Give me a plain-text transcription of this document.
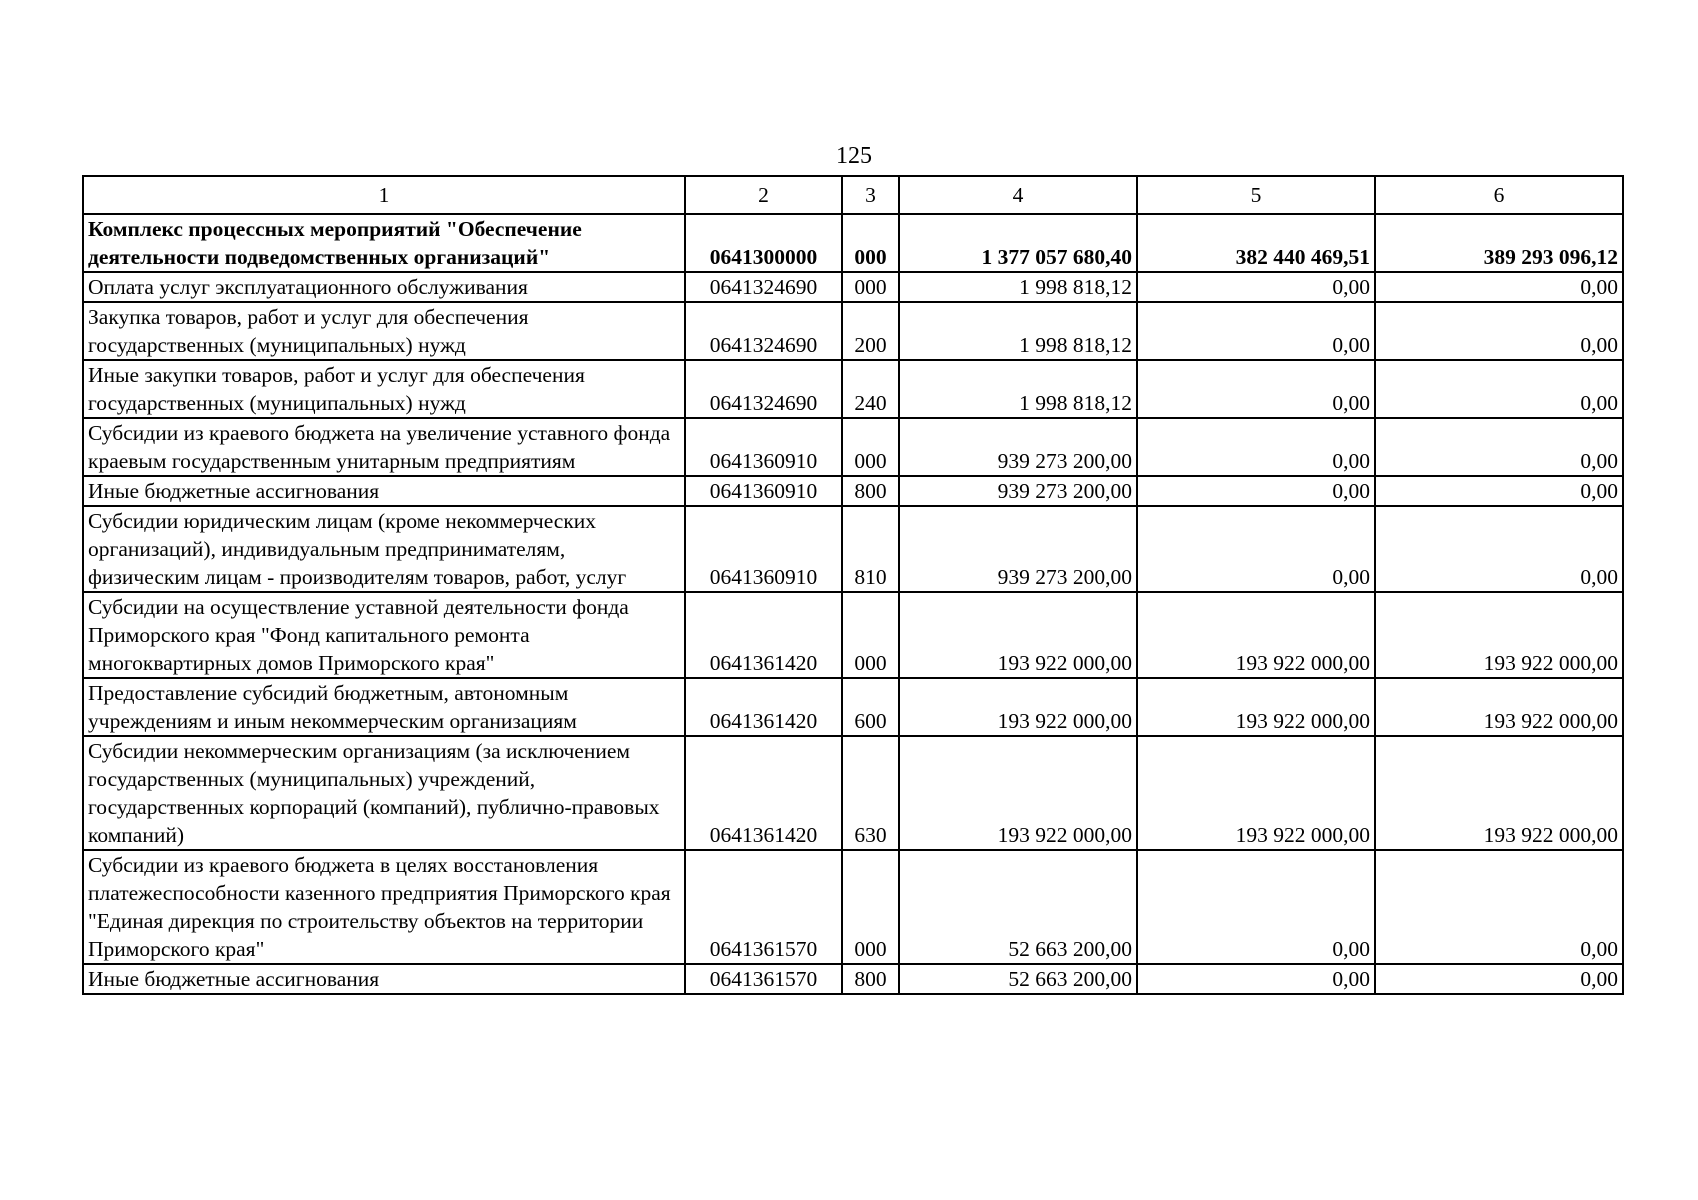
125
1	2	3	4	5	6
Комплекс процессных мероприятий "Обеспечение деятельности подведомственных организаций"	0641300000	000	1 377 057 680,40	382 440 469,51	389 293 096,12
Оплата услуг эксплуатационного обслуживания	0641324690	000	1 998 818,12	0,00	0,00
Закупка товаров, работ и услуг для обеспечения государственных (муниципальных) нужд	0641324690	200	1 998 818,12	0,00	0,00
Иные закупки товаров, работ и услуг для обеспечения государственных (муниципальных) нужд	0641324690	240	1 998 818,12	0,00	0,00
Субсидии из краевого бюджета на увеличение уставного фонда краевым государственным унитарным предприятиям	0641360910	000	939 273 200,00	0,00	0,00
Иные бюджетные ассигнования	0641360910	800	939 273 200,00	0,00	0,00
Субсидии юридическим лицам (кроме некоммерческих организаций), индивидуальным предпринимателям, физическим лицам - производителям товаров, работ, услуг	0641360910	810	939 273 200,00	0,00	0,00
Субсидии на осуществление уставной деятельности фонда Приморского края "Фонд капитального ремонта многоквартирных домов Приморского края"	0641361420	000	193 922 000,00	193 922 000,00	193 922 000,00
Предоставление субсидий бюджетным, автономным учреждениям и иным некоммерческим организациям	0641361420	600	193 922 000,00	193 922 000,00	193 922 000,00
Субсидии некоммерческим организациям (за исключением государственных (муниципальных) учреждений, государственных корпораций (компаний), публично-правовых компаний)	0641361420	630	193 922 000,00	193 922 000,00	193 922 000,00
Субсидии из краевого бюджета в целях восстановления платежеспособности казенного предприятия Приморского края "Единая дирекция по строительству объектов на территории Приморского края"	0641361570	000	52 663 200,00	0,00	0,00
Иные бюджетные ассигнования	0641361570	800	52 663 200,00	0,00	0,00
